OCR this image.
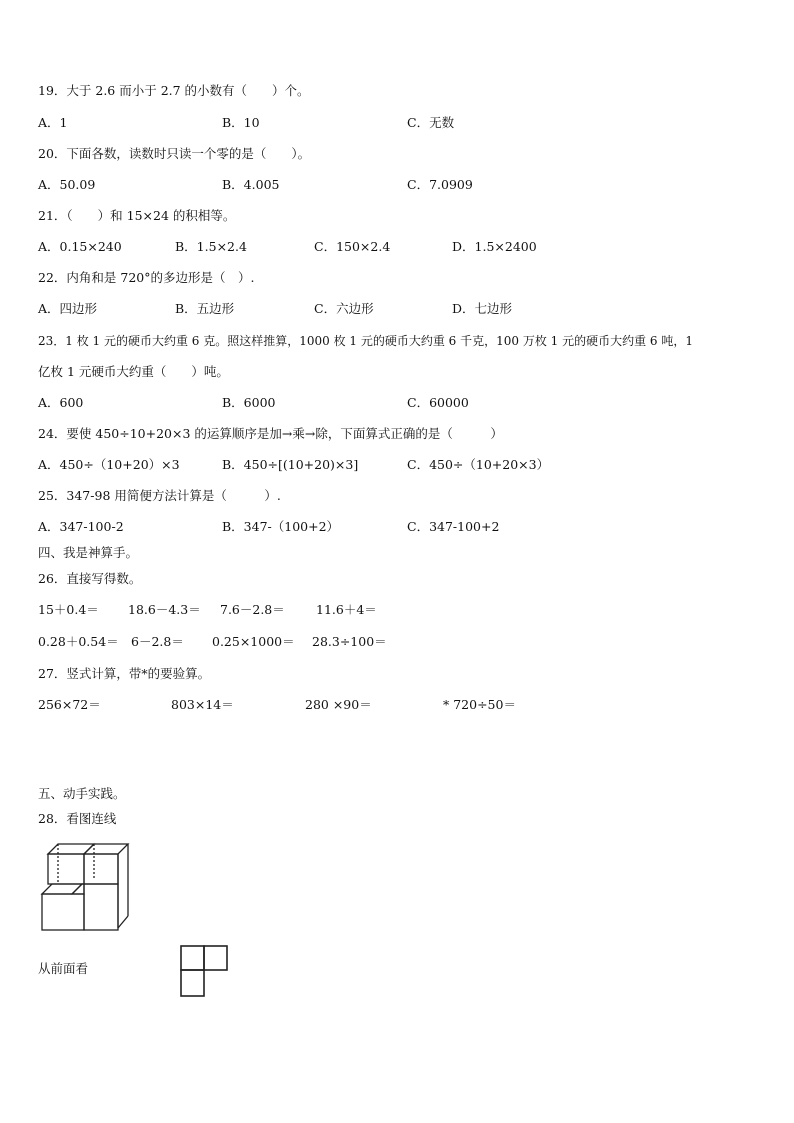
19．大于 2.6 而小于 2.7 的小数有（　　）个。
A．1	B．10	C．无数
20．下面各数，读数时只读一个零的是（　　）。
A．50.09	B．4.005	C．7.0909
21．（　　）和 15×24 的积相等。
A．0.15×240	B．1.5×2.4	C．150×2.4	D．1.5×2400
22．内角和是 720°的多边形是（　）.
A．四边形	B．五边形	C．六边形	D．七边形
23．1 枚 1 元的硬币大约重 6 克。照这样推算，1000 枚 1 元的硬币大约重 6 千克，100 万枚 1 元的硬币大约重 6 吨，1
亿枚 1 元硬币大约重（　　）吨。
A．600	B．6000	C．60000
24．要使 450÷10+20×3 的运算顺序是加→乘→除，下面算式正确的是（　　　）
A．450÷（10+20）×3	B．450÷[(10+20)×3]	C．450÷（10+20×3）
25．347-98 用简便方法计算是（　　　）.
A．347-100-2	B．347-（100+2）	C．347-100+2
四、我是神算手。
26．直接写得数。
15＋0.4＝ 18.6－4.3＝ 7.6－2.8＝ 11.6＋4＝
0.28＋0.54＝ 6－2.8＝ 0.25×1000＝ 28.3÷100＝
27．竖式计算，带*的要验算。
256×72＝	803×14＝	280 ×90＝	* 720÷50＝
五、动手实践。
28．看图连线
从前面看
